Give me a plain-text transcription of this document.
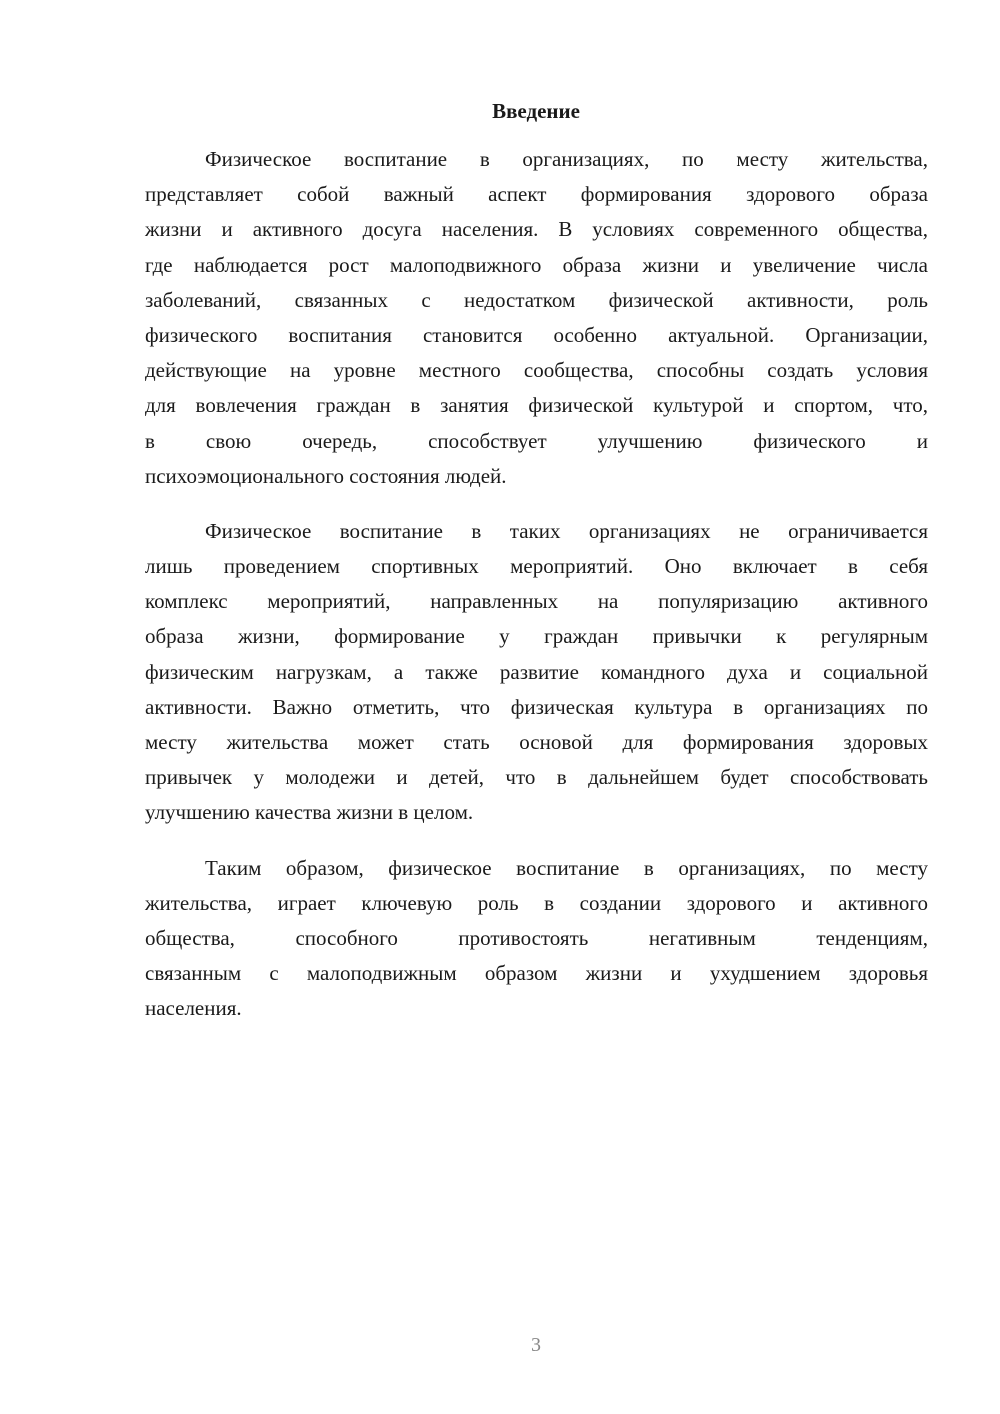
Введение
Физическое воспитание в организациях, по месту жительства,
представляет собой важный аспект формирования здорового образа
жизни и активного досуга населения. В условиях современного общества,
где наблюдается рост малоподвижного образа жизни и увеличение числа
заболеваний, связанных с недостатком физической активности, роль
физического воспитания становится особенно актуальной. Организации,
действующие на уровне местного сообщества, способны создать условия
для вовлечения граждан в занятия физической культурой и спортом, что,
в свою очередь, способствует улучшению физического и
психоэмоционального состояния людей.
Физическое воспитание в таких организациях не ограничивается
лишь проведением спортивных мероприятий. Оно включает в себя
комплекс мероприятий, направленных на популяризацию активного
образа жизни, формирование у граждан привычки к регулярным
физическим нагрузкам, а также развитие командного духа и социальной
активности. Важно отметить, что физическая культура в организациях по
месту жительства может стать основой для формирования здоровых
привычек у молодежи и детей, что в дальнейшем будет способствовать
улучшению качества жизни в целом.
Таким образом, физическое воспитание в организациях, по месту
жительства, играет ключевую роль в создании здорового и активного
общества, способного противостоять негативным тенденциям,
связанным с малоподвижным образом жизни и ухудшением здоровья
населения.
3
